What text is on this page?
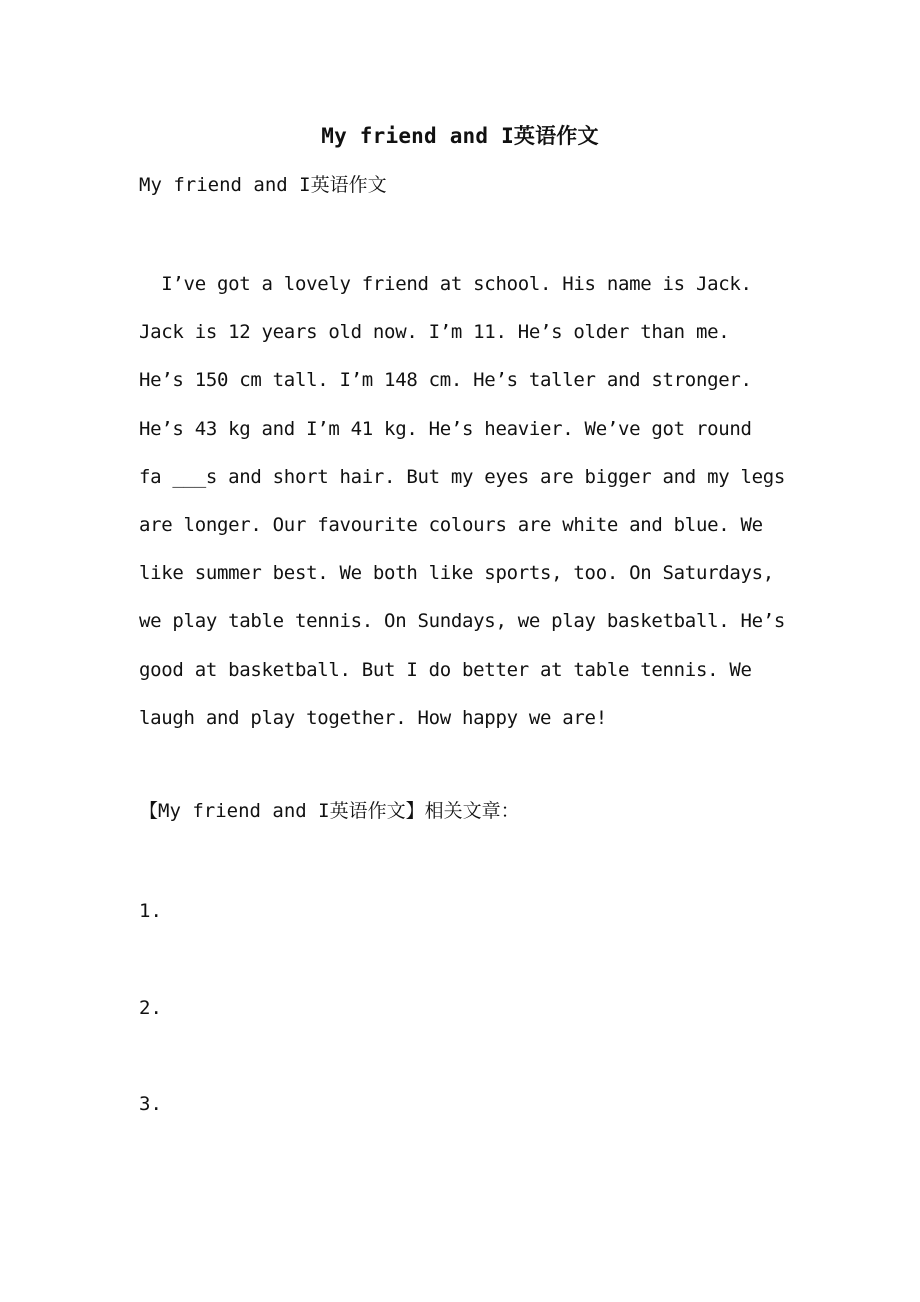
My friend and I英语作文
My friend and I英语作文
I’ve got a lovely friend at school. His name is Jack.
Jack is 12 years old now. I’m 11. He’s older than me.
He’s 150 cm tall. I’m 148 cm. He’s taller and stronger.
He’s 43 kg and I’m 41 kg. He’s heavier. We’ve got round
fa ___s and short hair. But my eyes are bigger and my legs
are longer. Our favourite colours are white and blue. We
like summer best. We both like sports, too. On Saturdays,
we play table tennis. On Sundays, we play basketball. He’s
good at basketball. But I do better at table tennis. We
laugh and play together. How happy we are!
【My friend and I英语作文】相关文章：
1.
2.
3.
